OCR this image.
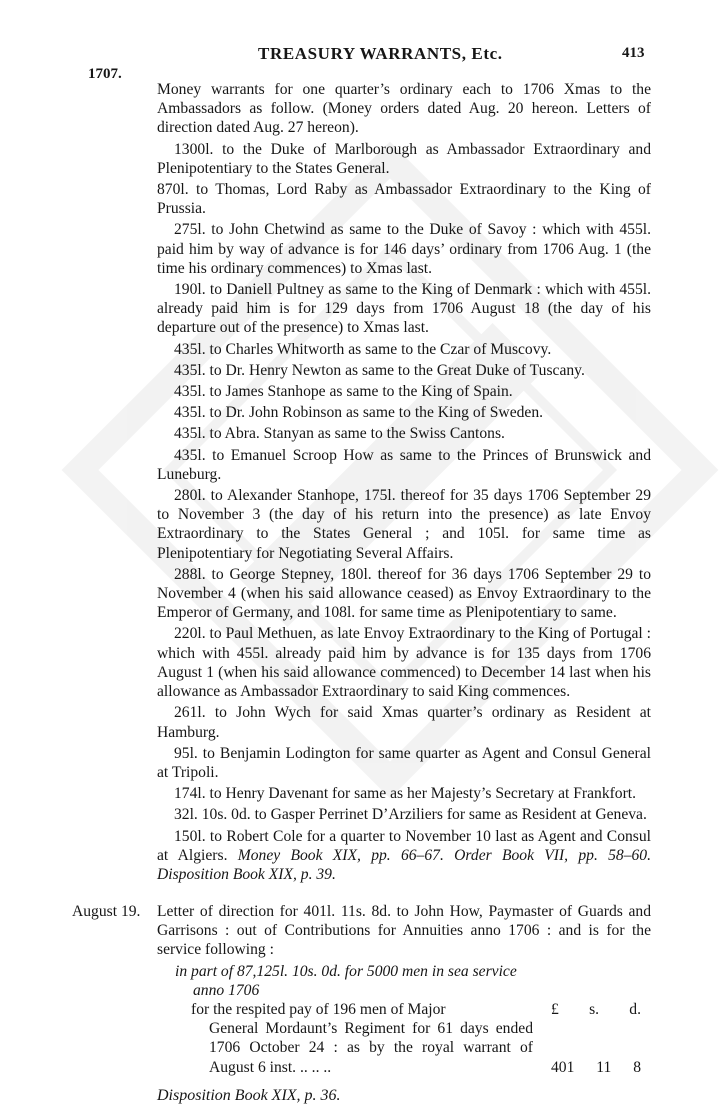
TREASURY WARRANTS, Etc.	413
1707.

Money warrants for one quarter’s ordinary each to 1706 Xmas to the Ambassadors as follow. (Money orders dated Aug. 20 hereon. Letters of direction dated Aug. 27 hereon).

1300l. to the Duke of Marlborough as Ambassador Extraordinary and Plenipotentiary to the States General.

870l. to Thomas, Lord Raby as Ambassador Extraordinary to the King of Prussia.

275l. to John Chetwind as same to the Duke of Savoy : which with 455l. paid him by way of advance is for 146 days’ ordinary from 1706 Aug. 1 (the time his ordinary commences) to Xmas last.

190l. to Daniell Pultney as same to the King of Denmark : which with 455l. already paid him is for 129 days from 1706 August 18 (the day of his departure out of the presence) to Xmas last.

435l. to Charles Whitworth as same to the Czar of Muscovy.

435l. to Dr. Henry Newton as same to the Great Duke of Tuscany.

435l. to James Stanhope as same to the King of Spain.

435l. to Dr. John Robinson as same to the King of Sweden.

435l. to Abra. Stanyan as same to the Swiss Cantons.

435l. to Emanuel Scroop How as same to the Princes of Brunswick and Luneburg.

280l. to Alexander Stanhope, 175l. thereof for 35 days 1706 September 29 to November 3 (the day of his return into the presence) as late Envoy Extraordinary to the States General ; and 105l. for same time as Plenipotentiary for Negotiating Several Affairs.

288l. to George Stepney, 180l. thereof for 36 days 1706 September 29 to November 4 (when his said allowance ceased) as Envoy Extraordinary to the Emperor of Germany, and 108l. for same time as Plenipotentiary to same.

220l. to Paul Methuen, as late Envoy Extraordinary to the King of Portugal : which with 455l. already paid him by advance is for 135 days from 1706 August 1 (when his said allowance commenced) to December 14 last when his allowance as Ambassador Extraordinary to said King commences.

261l. to John Wych for said Xmas quarter’s ordinary as Resident at Hamburg.

95l. to Benjamin Lodington for same quarter as Agent and Consul General at Tripoli.

174l. to Henry Davenant for same as her Majesty’s Secretary at Frankfort.

32l. 10s. 0d. to Gasper Perrinet D’Arziliers for same as Resident at Geneva.

150l. to Robert Cole for a quarter to November 10 last as Agent and Consul at Algiers. Money Book XIX, pp. 66–67. Order Book VII, pp. 58–60. Disposition Book XIX, p. 39.

August 19. Letter of direction for 401l. 11s. 8d. to John How, Paymaster of Guards and Garrisons : out of Contributions for Annuities anno 1706 : and is for the service following :

in part of 87,125l. 10s. 0d. for 5000 men in sea service
anno 1706
for the respited pay of 196 men of Major
General Mordaunt’s Regiment for 61 days ended 1706 October 24 : as by the royal warrant of August 6 inst. .. .. ..
£ s. d.
401 11 8
Disposition Book XIX, p. 36.
